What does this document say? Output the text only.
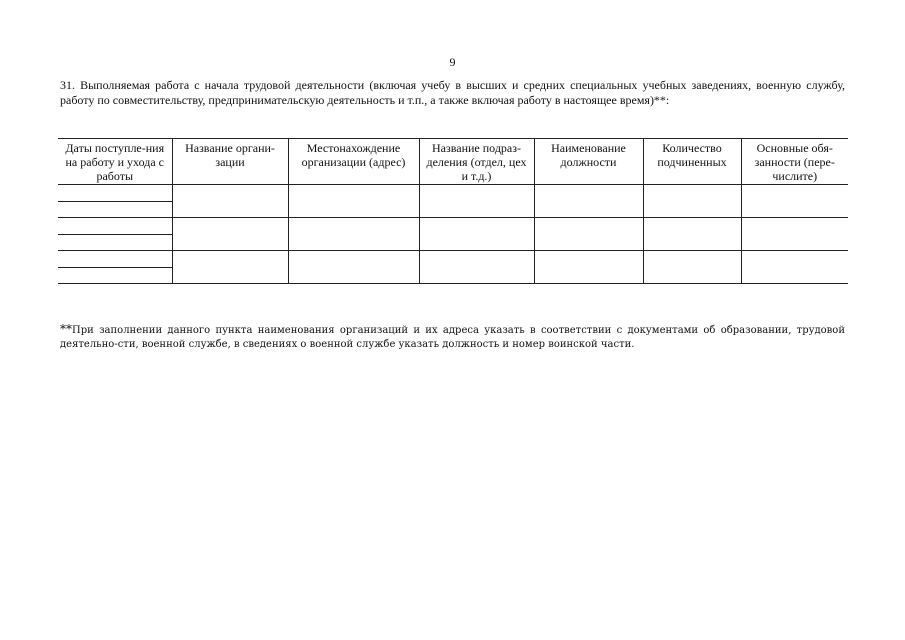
9
31. Выполняемая работа с начала трудовой деятельности (включая учебу в высших и средних специальных учебных заведениях, военную службу, работу по совместительству, предпринимательскую деятельность и т.п., а также включая работу в настоящее время)**:
Даты поступле-ния на работу и ухода с работы	Название органи-зации	Местонахождение организации (адрес)	Название подраз-деления (отдел, цех и т.д.)	Наименование должности	Количество подчиненных	Основные обя-занности (пере-числите)

**При заполнении данного пункта наименования организаций и их адреса указать в соответствии с документами об образовании, трудовой деятельно-сти, военной службе, в сведениях о военной службе указать должность и номер воинской части.
